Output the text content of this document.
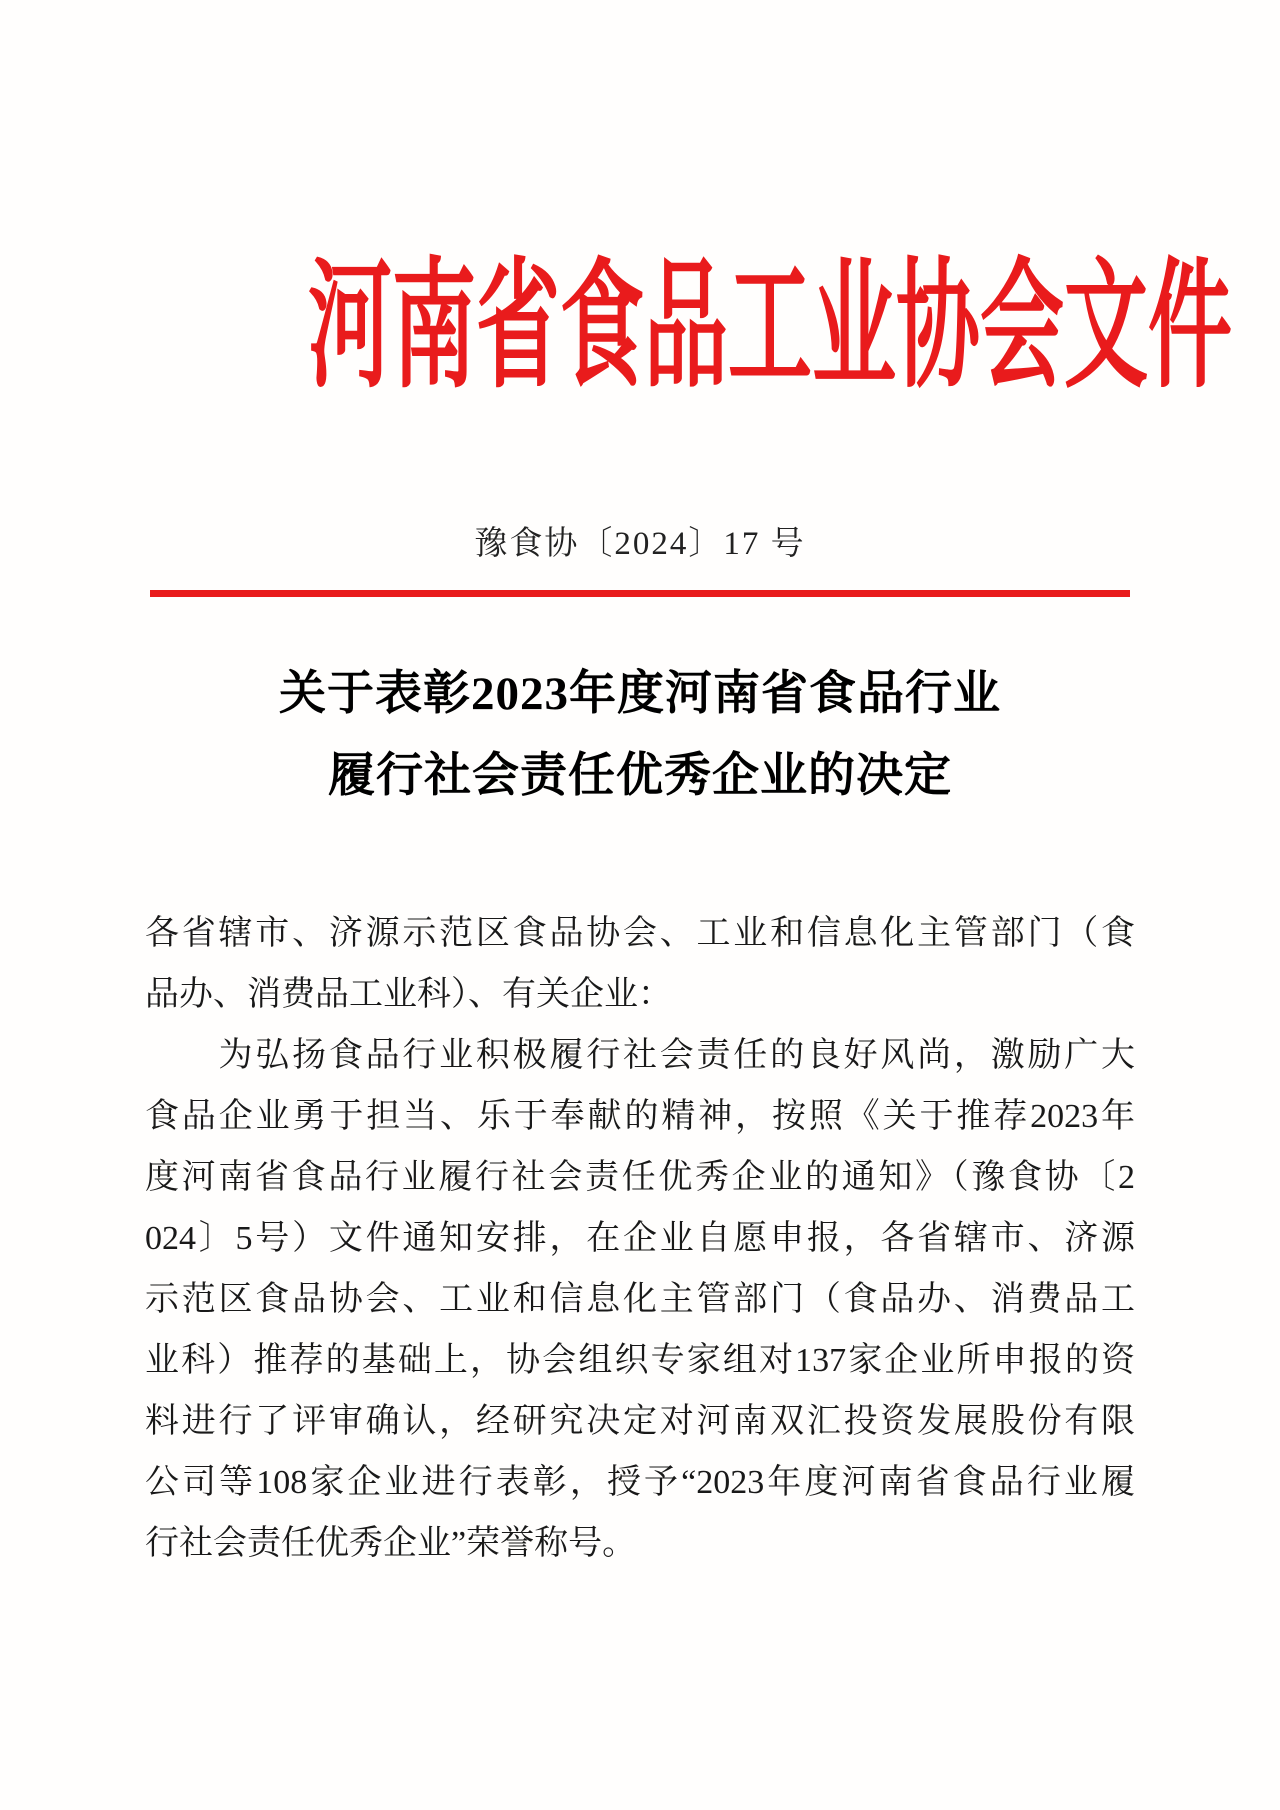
河南省食品工业协会文件
豫食协〔2024〕17 号
关于表彰2023年度河南省食品行业
履行社会责任优秀企业的决定
各省辖市、济源示范区食品协会、工业和信息化主管部门（食
品办、消费品工业科）、有关企业：
　　为弘扬食品行业积极履行社会责任的良好风尚，激励广大
食品企业勇于担当、乐于奉献的精神，按照《关于推荐2023年
度河南省食品行业履行社会责任优秀企业的通知》（豫食协〔2
024〕5号）文件通知安排，在企业自愿申报，各省辖市、济源
示范区食品协会、工业和信息化主管部门（食品办、消费品工
业科）推荐的基础上，协会组织专家组对137家企业所申报的资
料进行了评审确认，经研究决定对河南双汇投资发展股份有限
公司等108家企业进行表彰，授予“2023年度河南省食品行业履
行社会责任优秀企业”荣誉称号。
